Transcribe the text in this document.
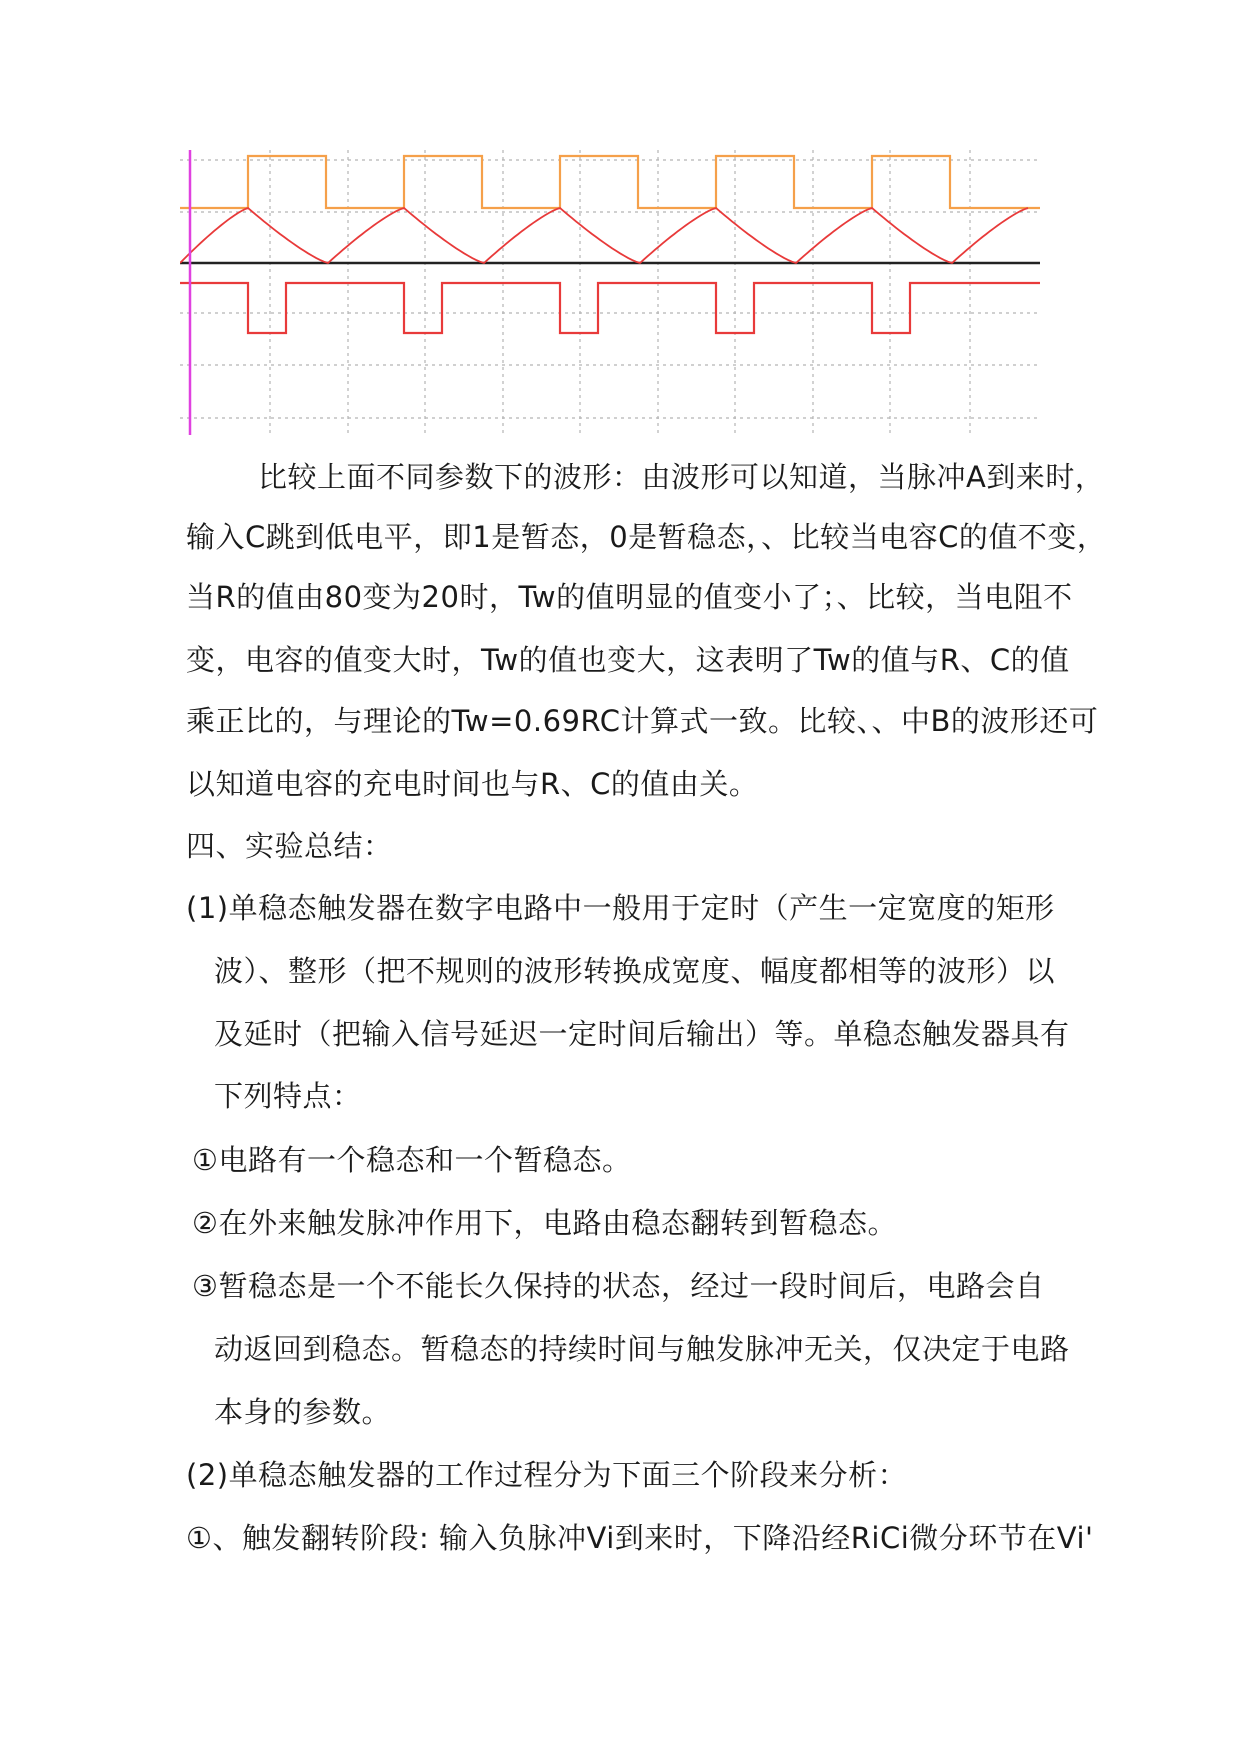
比较上面不同参数下的波形：由波形可以知道，当脉冲A到来时，
输入C跳到低电平，即1是暂态，0是暂稳态，、比较当电容C的值不变，
当R的值由80变为20时，Tw的值明显的值变小了；、比较，当电阻不
变，电容的值变大时，Tw的值也变大，这表明了Tw的值与R、C的值
乘正比的，与理论的Tw=0.69RC计算式一致。比较、、中B的波形还可
以知道电容的充电时间也与R、C的值由关。
四、实验总结：
(1)单稳态触发器在数字电路中一般用于定时（产生一定宽度的矩形
波）、整形（把不规则的波形转换成宽度、幅度都相等的波形）以
及延时（把输入信号延迟一定时间后输出）等。单稳态触发器具有
下列特点：
①电路有一个稳态和一个暂稳态。
②在外来触发脉冲作用下，电路由稳态翻转到暂稳态。
③暂稳态是一个不能长久保持的状态，经过一段时间后，电路会自
动返回到稳态。暂稳态的持续时间与触发脉冲无关，仅决定于电路
本身的参数。
(2)单稳态触发器的工作过程分为下面三个阶段来分析：
①、触发翻转阶段: 输入负脉冲Vi到来时，下降沿经RiCi微分环节在Vi'
